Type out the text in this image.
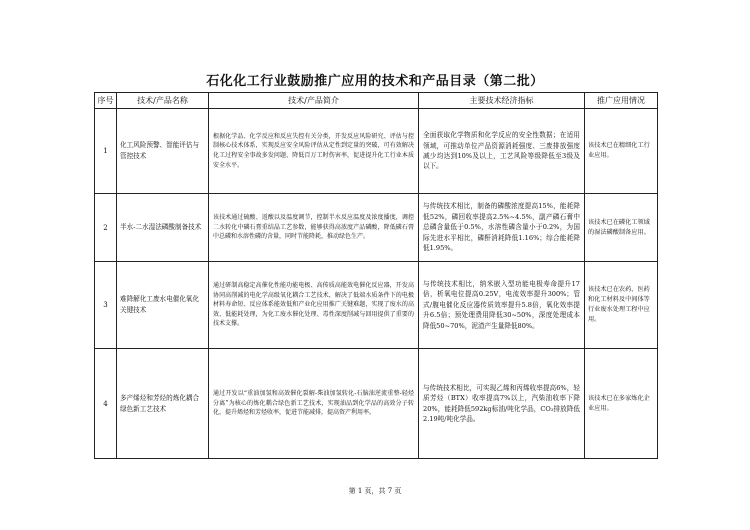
石化化工行业鼓励推广应用的技术和产品目录（第二批）
序号	技术/产品名称	技术/产品简介	主要技术经济指标	推广应用情况
1	化工风险预警、智能评估与管控技术	根据化学品、化学反应和反应失控有关分类，开发反应风险研究、评估与控制核心技术体系，实现反应安全风险评估从定性到定量的突破，可有效解决化工过程安全事故多发问题，降低百万工时伤害率，促进提升化工行业本质安全水平。	全面获取化学物质和化学反应的安全性数据；在适用领域，可推动单位产品资源消耗强度、三废排放强度减少均达到10%及以上，工艺风险等级降低至3级及以下。	该技术已在精细化工行业应用。
2	半水-二水湿法磷酸制备技术	该技术通过硫酸、返酸以及温度调节，控制半水反应温度及浓度播度，调控二水转化中磷石膏重结晶工艺参数，能够获得高浓度产品磷酸，降低磷石膏中总磷和水溶性磷的含量，同时节能降耗，推动绿色生产。	与传统技术相比，制备的磷酸浓度提高15%，能耗降低52%，磷回收率提高2.5%~4.5%，副产磷石膏中总磷含量低于0.5%，水溶性磷含量小于0.2%，为国际先进水平相比，磷酐消耗降低1.16%；综合能耗降低1.95%。	该技术已在磷化工领域的湿法磷酸制备应用。
3	难降解化工废水电催化氧化关键技术	通过研制高稳定高催化性能功能电极、高传质高能效电催化反应器，开发高协同高削减的电化学高级氧化耦合工艺技术，解决了低端水质条件下的电极材料寿命短、反应体系能效低和产业化应用推广关键难题，实现了废水的高效、低能耗处理，为化工废水催化处理、毒性深度削减与回用提供了重要的技术支撑。	与传统技术相比，纳米嵌入型功能电极寿命提升17倍，析氧电位提高0.25V，电流效率提升300%；管式/腹电催化反应器传质效率提升5.8倍，氧化效率提升6.5倍；预处理费用降低30~50%，深度处理成本降低50~70%，泥渣产生量降低80%。	该技术已在农药、医药和化工材料及中间体等行业废水处理工程中应用。
4	多产烯烃和芳烃的炼化耦合绿色新工艺技术	通过开发以“重油加氢和高效催化裂解-柴油加氢转化-石脑油逆流重整-轻烃分离”为核心的炼化耦合绿色新工艺技术，实现油品到化学品的高效分子转化，提升烯烃和芳烃收率，促进节能减排，提高资产利用率。	与传统技术相比，可实现乙烯和丙烯收率提高6%，轻质芳烃（BTX）收率提高7%以上，汽柴油收率下降20%，能耗降低592kg标油/吨化学品，CO₂排放降低2.19吨/吨化学品。	该技术已在多家炼化企业应用。
第 1 页，共 7 页
